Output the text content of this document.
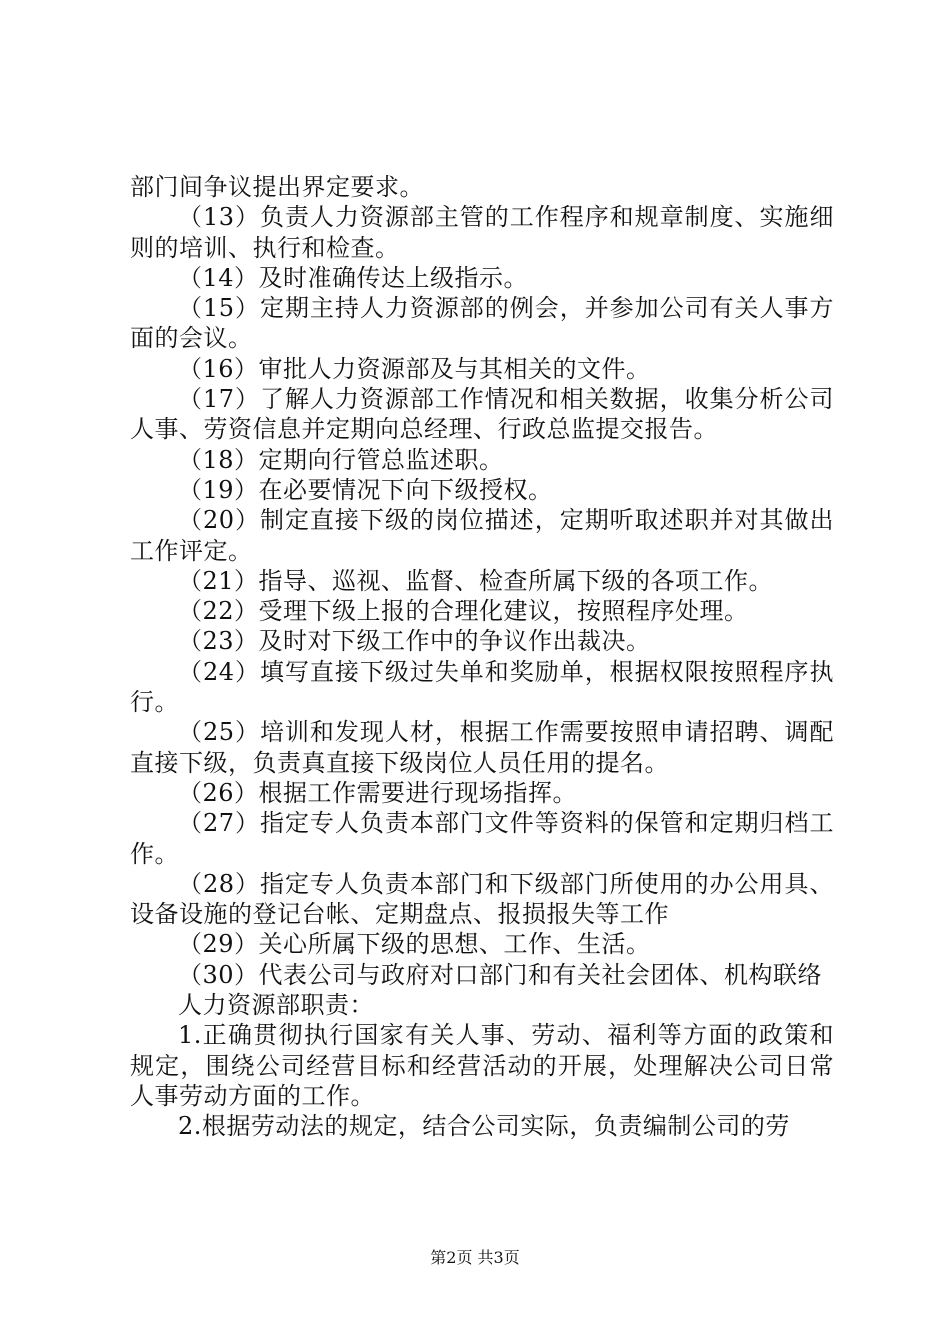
部门间争议提出界定要求。

（13）负责人力资源部主管的工作程序和规章制度、实施细则的培训、执行和检查。

（14）及时准确传达上级指示。

（15）定期主持人力资源部的例会，并参加公司有关人事方面的会议。

（16）审批人力资源部及与其相关的文件。

（17）了解人力资源部工作情况和相关数据，收集分析公司人事、劳资信息并定期向总经理、行政总监提交报告。

（18）定期向行管总监述职。

（19）在必要情况下向下级授权。

（20）制定直接下级的岗位描述，定期听取述职并对其做出工作评定。

（21）指导、巡视、监督、检查所属下级的各项工作。

（22）受理下级上报的合理化建议，按照程序处理。

（23）及时对下级工作中的争议作出裁决。

（24）填写直接下级过失单和奖励单，根据权限按照程序执行。

（25）培训和发现人材，根据工作需要按照申请招聘、调配直接下级，负责真直接下级岗位人员任用的提名。

（26）根据工作需要进行现场指挥。

（27）指定专人负责本部门文件等资料的保管和定期归档工作。

（28）指定专人负责本部门和下级部门所使用的办公用具、设备设施的登记台帐、定期盘点、报损报失等工作

（29）关心所属下级的思想、工作、生活。

（30）代表公司与政府对口部门和有关社会团体、机构联络

人力资源部职责：

1.正确贯彻执行国家有关人事、劳动、福利等方面的政策和规定，围绕公司经营目标和经营活动的开展，处理解决公司日常人事劳动方面的工作。

2.根据劳动法的规定，结合公司实际，负责编制公司的劳

第2页 共3页
